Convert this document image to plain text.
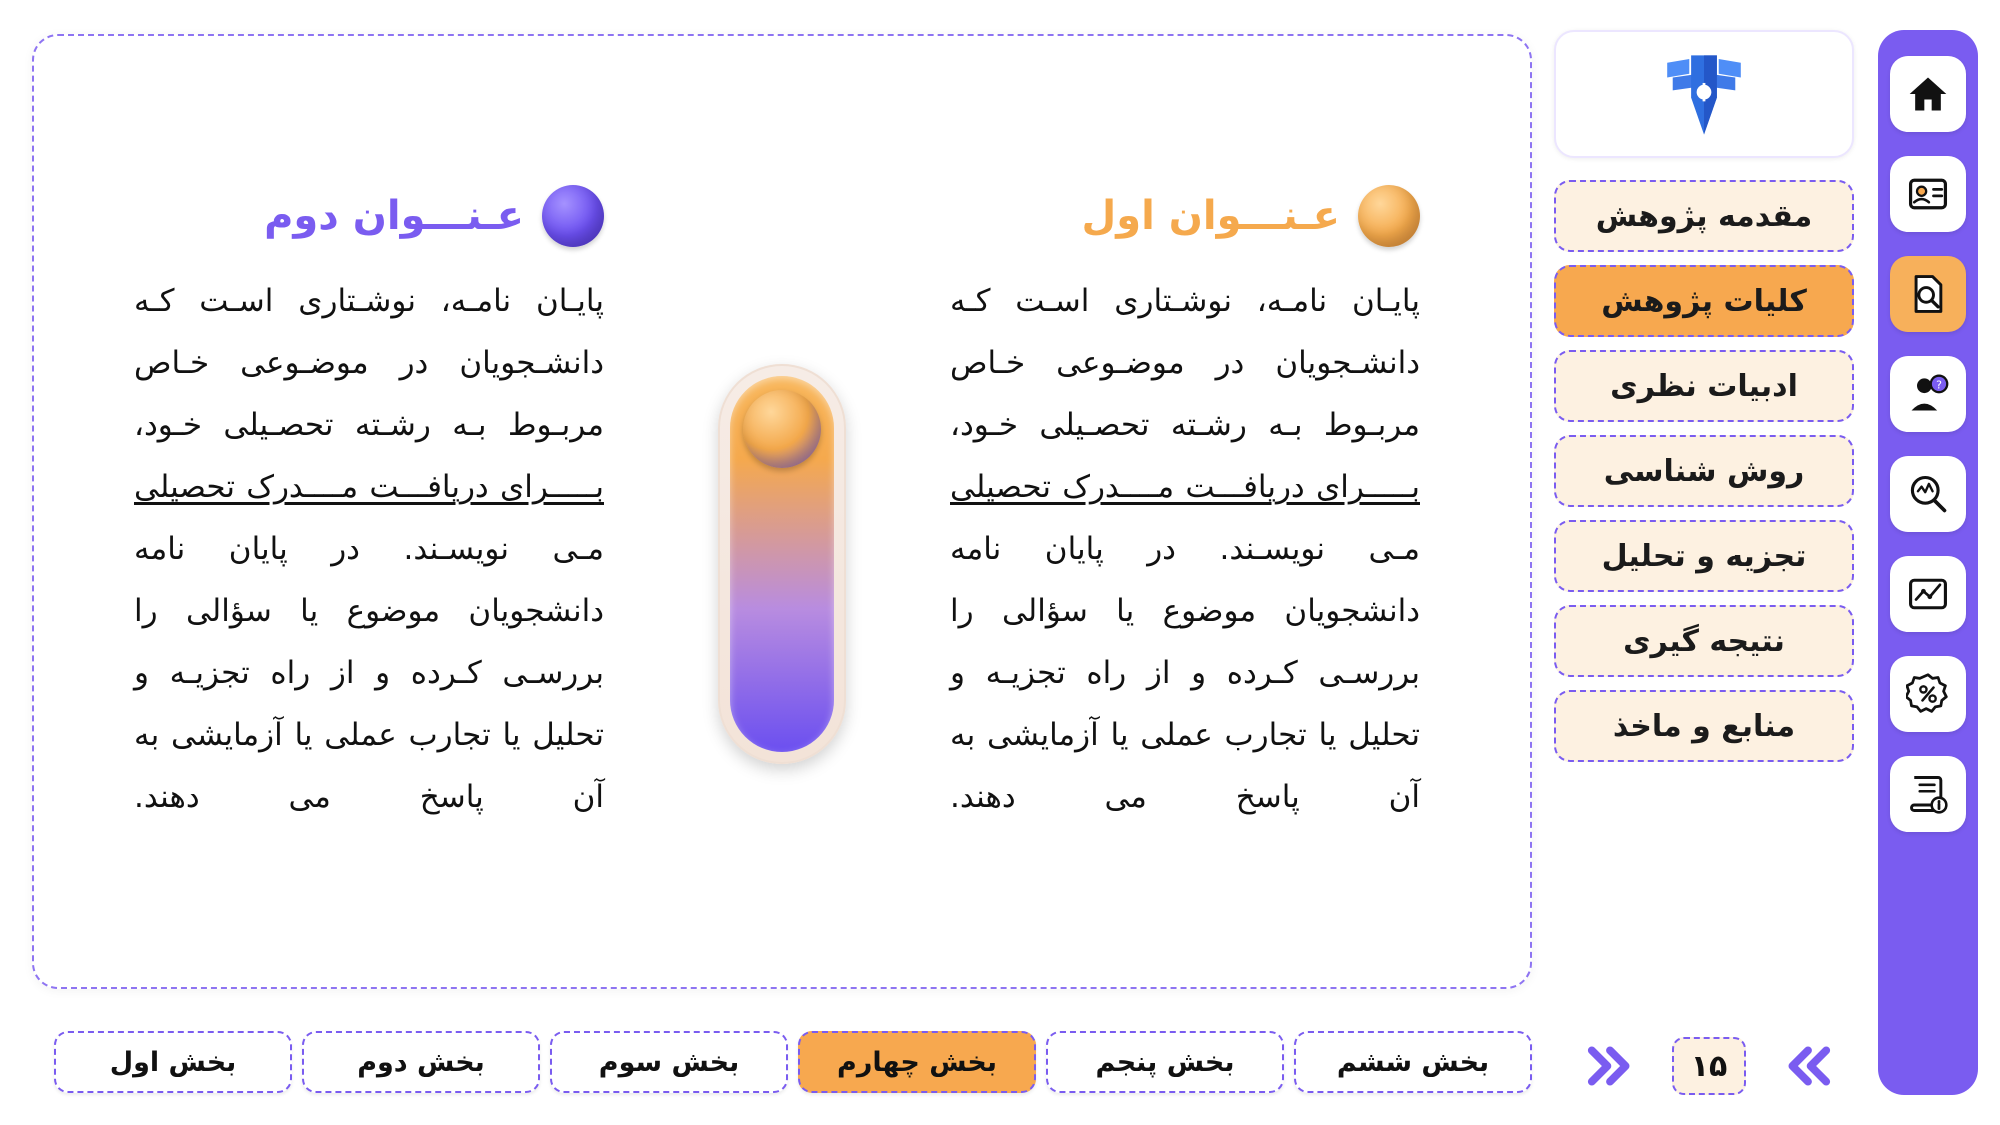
عـنـــوان اول
پایـان نامـه، نوشـتاری اسـت کـه دانشـجویان در موضـوعی خـاص مربـوط بـه رشـته تحصـیلی خـود، بـــــرای دریافـــت مــــدرک تحصیلی مـی نویسـند. در پایان نامه دانشجویان موضوع یا سؤالی را بررسـی کـرده و از راه تجزیـه و تحلیل یا تجارب عملی یا آزمایشی به آن پاسخ می دهند.
عـنـــوان دوم
پایـان نامـه، نوشـتاری اسـت کـه دانشـجویان در موضـوعی خـاص مربـوط بـه رشـته تحصـیلی خـود، بـــــرای دریافـــت مــــدرک تحصیلی مـی نویسـند. در پایان نامه دانشجویان موضوع یا سؤالی را بررسـی کـرده و از راه تجزیـه و تحلیل یا تجارب عملی یا آزمایشی به آن پاسخ می دهند.
بخش ششم
بخش پنجم
بخش چهارم
بخش سوم
بخش دوم
بخش اول	۱۵
مقدمه پژوهش
کلیات پژوهش
ادبیات نظری
روش شناسی
تجزیه و تحلیل
نتیجه گیری
منابع و ماخذ
?
